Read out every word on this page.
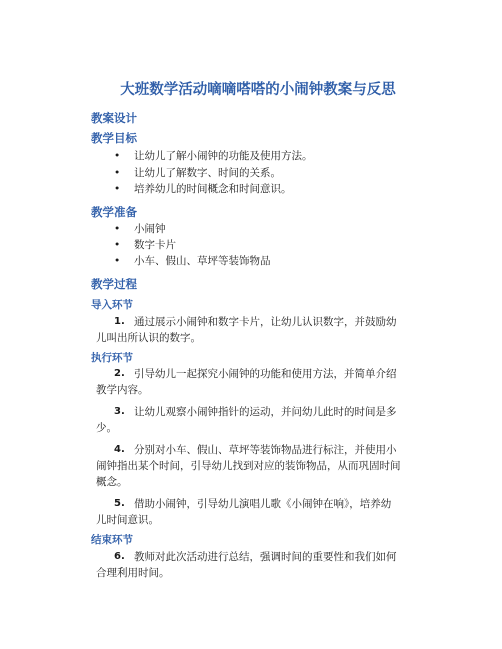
大班数学活动嘀嘀嗒嗒的小闹钟教案与反思
教案设计
教学目标
• 让幼儿了解小闹钟的功能及使用方法。
• 让幼儿了解数字、时间的关系。
• 培养幼儿的时间概念和时间意识。
教学准备
• 小闹钟
• 数字卡片
• 小车、假山、草坪等装饰物品
教学过程
导入环节
1. 通过展示小闹钟和数字卡片，让幼儿认识数字，并鼓励幼
儿叫出所认识的数字。
执行环节
2. 引导幼儿一起探究小闹钟的功能和使用方法，并简单介绍
教学内容。
3. 让幼儿观察小闹钟指针的运动，并问幼儿此时的时间是多
少。
4. 分别对小车、假山、草坪等装饰物品进行标注，并使用小
闹钟指出某个时间，引导幼儿找到对应的装饰物品，从而巩固时间
概念。
5. 借助小闹钟，引导幼儿演唱儿歌《小闹钟在响》，培养幼
儿时间意识。
结束环节
6. 教师对此次活动进行总结，强调时间的重要性和我们如何
合理利用时间。
